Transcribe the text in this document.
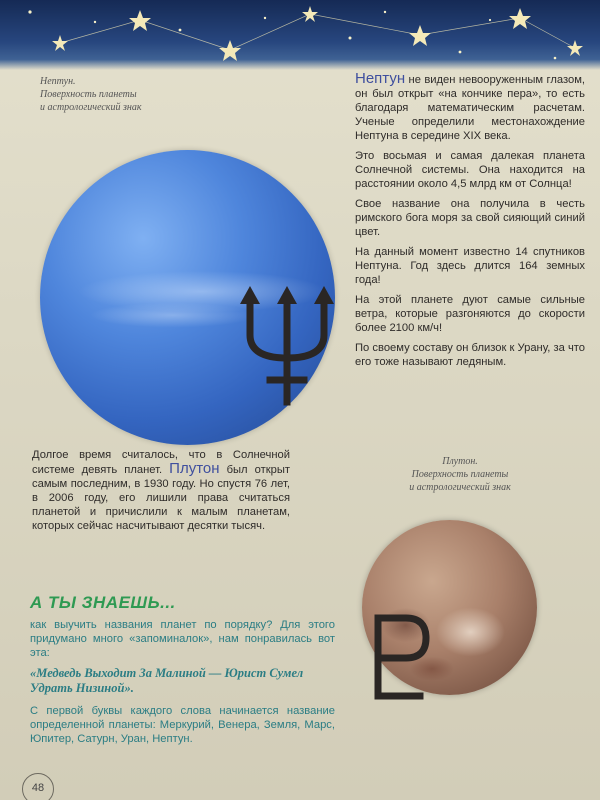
Нептун.
Поверхность планеты
и астрологический знак

Нептун не виден невооруженным глазом, он был открыт «на кончике пера», то есть благодаря математическим расчетам. Ученые определили местонахождение Нептуна в середине XIX века.

Это восьмая и самая далекая планета Солнечной системы. Она находится на расстоянии около 4,5 млрд км от Солнца!

Свое название она получила в честь римского бога моря за свой сияющий синий цвет.

На данный момент известно 14 спутников Нептуна. Год здесь длится 164 земных года!

На этой планете дуют самые сильные ветра, которые разгоняются до скорости более 2100 км/ч!

По своему составу он близок к Урану, за что его тоже называют ледяным.

Долгое время считалось, что в Солнечной системе девять планет. Плутон был открыт самым последним, в 1930 году. Но спустя 76 лет, в 2006 году, его лишили права считаться планетой и причислили к малым планетам, которых сейчас насчитывают десятки тысяч.

Плутон.
Поверхность планеты
и астрологический знак
А ТЫ ЗНАЕШЬ...

как выучить названия планет по порядку? Для этого придумано много «запоминалок», нам понравилась вот эта:

«Медведь Выходит За Малиной — Юрист Сумел Удрать Низиной».

С первой буквы каждого слова начинается название определенной планеты: Меркурий, Венера, Земля, Марс, Юпитер, Сатурн, Уран, Нептун.

48
